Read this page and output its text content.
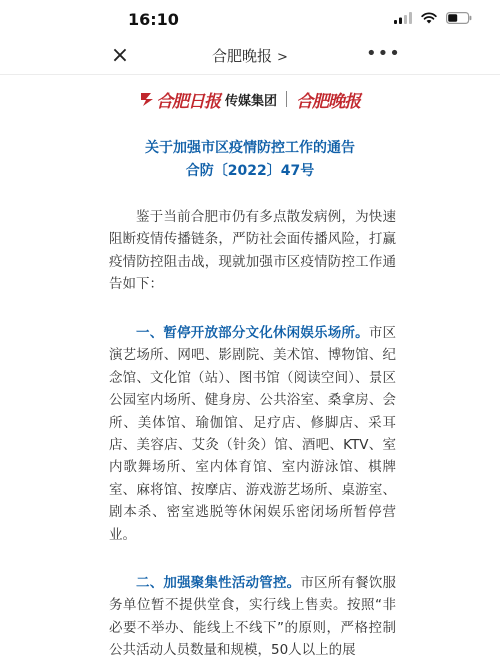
16:10
×	合肥晚报 >	•••
合肥日报 传媒集团 合肥晚报
关于加强市区疫情防控工作的通告
合防〔2022〕47号

鉴于当前合肥市仍有多点散发病例，为快速阻断疫情传播链条，严防社会面传播风险，打赢疫情防控阻击战，现就加强市区疫情防控工作通告如下：

一、暂停开放部分文化休闲娱乐场所。市区演艺场所、网吧、影剧院、美术馆、博物馆、纪念馆、文化馆（站）、图书馆（阅读空间）、景区公园室内场所、健身房、公共浴室、桑拿房、会所、美体馆、瑜伽馆、足疗店、修脚店、采耳店、美容店、艾灸（针灸）馆、酒吧、KTV、室内歌舞场所、室内体育馆、室内游泳馆、棋牌室、麻将馆、按摩店、游戏游艺场所、桌游室、剧本杀、密室逃脱等休闲娱乐密闭场所暂停营业。

二、加强聚集性活动管控。市区所有餐饮服务单位暂不提供堂食，实行线上售卖。按照“非必要不举办、能线上不线下”的原则，严格控制公共活动人员数量和规模，50人以上的展
